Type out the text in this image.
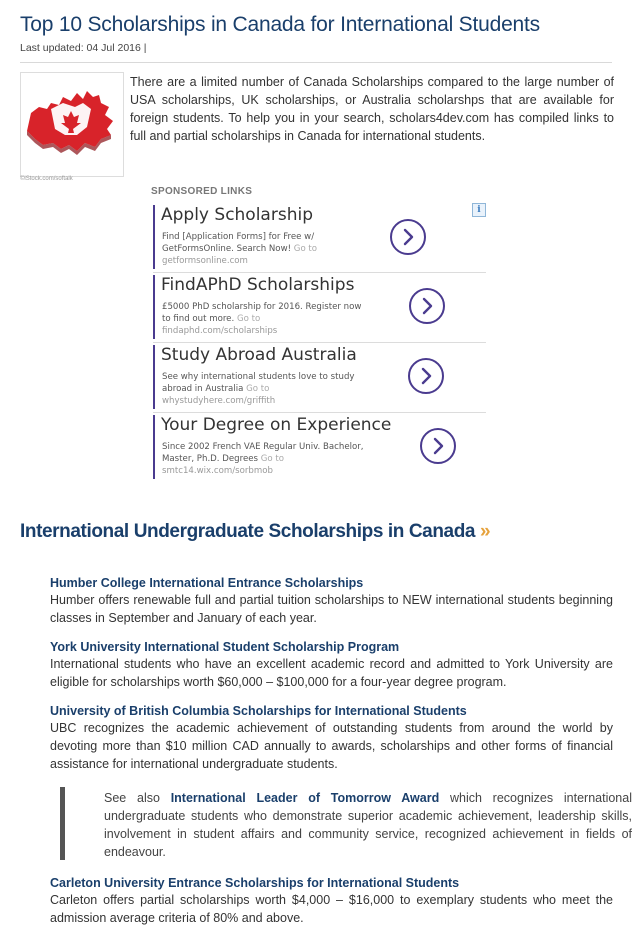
Top 10 Scholarships in Canada for International Students
Last updated: 04 Jul 2016 |
©iStock.com/softalk

There are a limited number of Canada Scholarships compared to the large number of USA scholarships, UK scholarships, or Australia scholarshps that are available for foreign students. To help you in your search, scholars4dev.com has compiled links to full and partial scholarships in Canada for international students.

SPONSORED LINKS
i
Apply Scholarship
Find [Application Forms] for Free w/
GetFormsOnline. Search Now! Go to
getformsonline.com
FindAPhD Scholarships
£5000 PhD scholarship for 2016. Register now
to find out more. Go to
findaphd.com/scholarships
Study Abroad Australia
See why international students love to study
abroad in Australia Go to
whystudyhere.com/griffith
Your Degree on Experience
Since 2002 French VAE Regular Univ. Bachelor,
Master, Ph.D. Degrees Go to
smtc14.wix.com/sorbmob
International Undergraduate Scholarships in Canada »

Humber College International Entrance Scholarships

Humber offers renewable full and partial tuition scholarships to NEW international students beginning classes in September and January of each year.

York University International Student Scholarship Program

International students who have an excellent academic record and admitted to York University are eligible for scholarships worth $60,000 – $100,000 for a four-year degree program.

University of British Columbia Scholarships for International Students

UBC recognizes the academic achievement of outstanding students from around the world by devoting more than $10 million CAD annually to awards, scholarships and other forms of financial assistance for international undergraduate students.

See also International Leader of Tomorrow Award which recognizes international undergraduate students who demonstrate superior academic achievement, leadership skills, involvement in student affairs and community service, recognized achievement in fields of endeavour.

Carleton University Entrance Scholarships for International Students

Carleton offers partial scholarships worth $4,000 – $16,000 to exemplary students who meet the admission average criteria of 80% and above.
